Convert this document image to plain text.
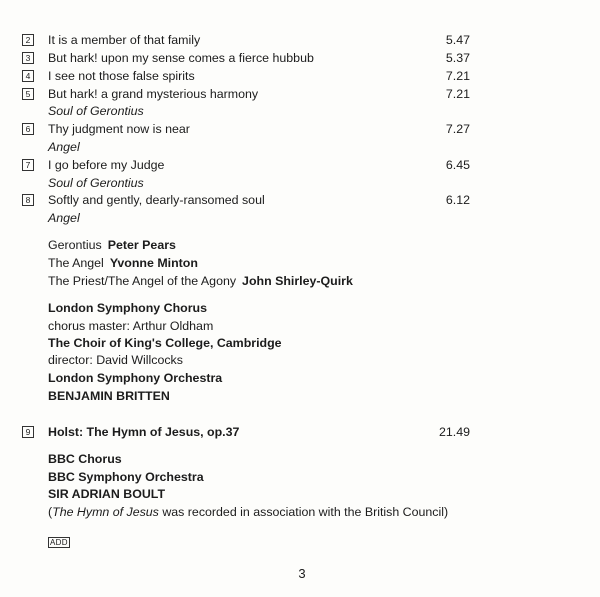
2 It is a member of that family	5.47
3 But hark! upon my sense comes a fierce hubbub	5.37
4 I see not those false spirits	7.21
5 But hark! a grand mysterious harmony	7.21
Soul of Gerontius
6 Thy judgment now is near	7.27
Angel
7 I go before my Judge	6.45
Soul of Gerontius
8 Softly and gently, dearly-ransomed soul	6.12
Angel
Gerontius Peter Pears
The Angel Yvonne Minton
The Priest/The Angel of the Agony John Shirley-Quirk
London Symphony Chorus
chorus master: Arthur Oldham
The Choir of King's College, Cambridge
director: David Willcocks
London Symphony Orchestra
BENJAMIN BRITTEN
9 Holst: The Hymn of Jesus, op.37	21.49
BBC Chorus
BBC Symphony Orchestra
SIR ADRIAN BOULT
(The Hymn of Jesus was recorded in association with the British Council)
ADD
3
